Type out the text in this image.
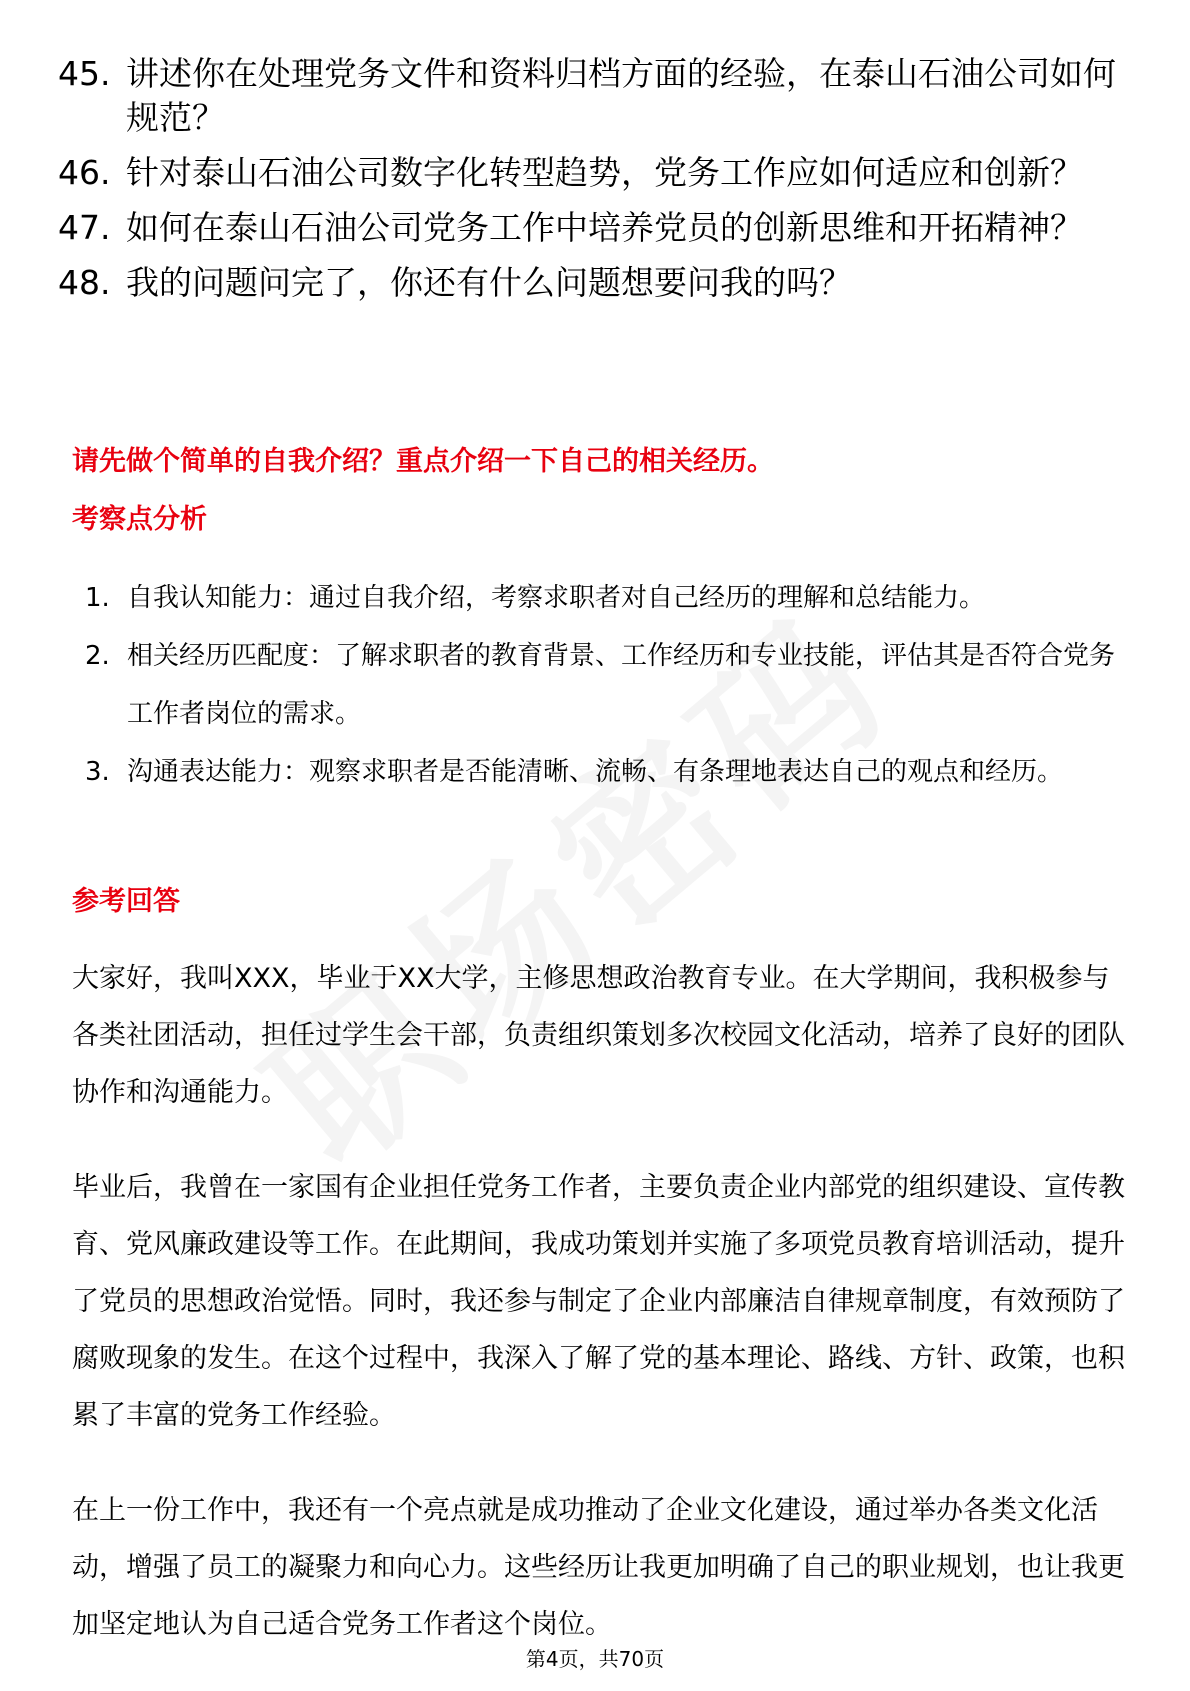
45. 讲述你在处理党务文件和资料归档方面的经验，在泰山石油公司如何规范？
46. 针对泰山石油公司数字化转型趋势，党务工作应如何适应和创新？
47. 如何在泰山石油公司党务工作中培养党员的创新思维和开拓精神？
48. 我的问题问完了，你还有什么问题想要问我的吗？
请先做个简单的自我介绍？重点介绍一下自己的相关经历。
考察点分析
1. 自我认知能力：通过自我介绍，考察求职者对自己经历的理解和总结能力。
2. 相关经历匹配度：了解求职者的教育背景、工作经历和专业技能，评估其是否符合党务工作者岗位的需求。
3. 沟通表达能力：观察求职者是否能清晰、流畅、有条理地表达自己的观点和经历。
参考回答

大家好，我叫XXX，毕业于XX大学，主修思想政治教育专业。在大学期间，我积极参与各类社团活动，担任过学生会干部，负责组织策划多次校园文化活动，培养了良好的团队协作和沟通能力。

毕业后，我曾在一家国有企业担任党务工作者，主要负责企业内部党的组织建设、宣传教育、党风廉政建设等工作。在此期间，我成功策划并实施了多项党员教育培训活动，提升了党员的思想政治觉悟。同时，我还参与制定了企业内部廉洁自律规章制度，有效预防了腐败现象的发生。在这个过程中，我深入了解了党的基本理论、路线、方针、政策，也积累了丰富的党务工作经验。

在上一份工作中，我还有一个亮点就是成功推动了企业文化建设，通过举办各类文化活动，增强了员工的凝聚力和向心力。这些经历让我更加明确了自己的职业规划，也让我更加坚定地认为自己适合党务工作者这个岗位。

第4页，共70页
